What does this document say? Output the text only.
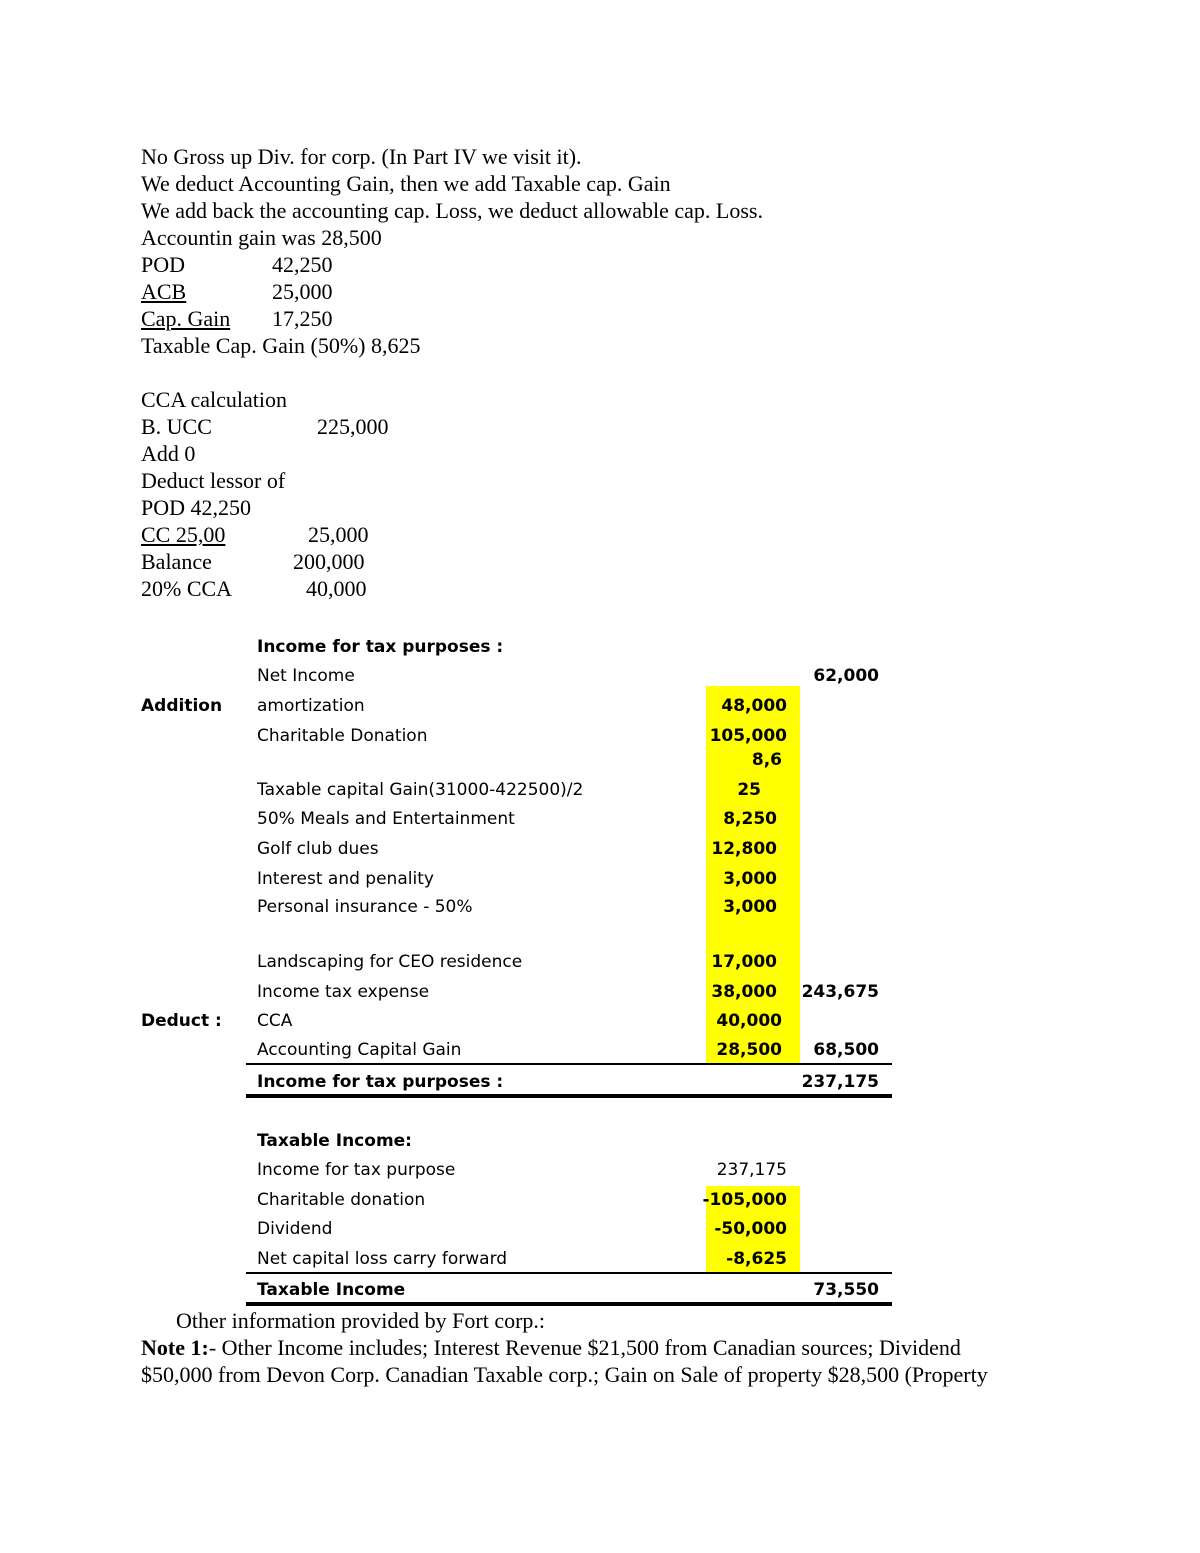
No Gross up Div. for corp. (In Part IV we visit it).
We deduct Accounting Gain, then we add Taxable cap. Gain
We add back the accounting cap. Loss, we deduct allowable cap. Loss.
Accountin gain was 28,500
POD	42,250
ACB	25,000
Cap. Gain 17,250
Taxable Cap. Gain (50%) 8,625
CCA calculation
B. UCC	225,000
Add 0
Deduct lessor of
POD 42,250
CC 25,00	25,000
Balance	200,000
20% CCA	40,000
Income for tax purposes :
Net Income	62,000
Addition amortization	48,000
Charitable Donation	105,000
8,6
Taxable capital Gain(31000-422500)/2	25
50% Meals and Entertainment	8,250
Golf club dues	12,800
Interest and penality	3,000
Personal insurance - 50%	3,000
Landscaping for CEO residence	17,000
Income tax expense	38,000 243,675
Deduct : CCA	40,000
Accounting Capital Gain	28,500 68,500
Income for tax purposes :	237,175
Taxable Income:
Income for tax purpose	237,175
Charitable donation	-105,000
Dividend	-50,000
Net capital loss carry forward	-8,625
Taxable Income	73,550
Other information provided by Fort corp.:
Note 1:- Other Income includes; Interest Revenue $21,500 from Canadian sources; Dividend
$50,000 from Devon Corp. Canadian Taxable corp.; Gain on Sale of property $28,500 (Property
